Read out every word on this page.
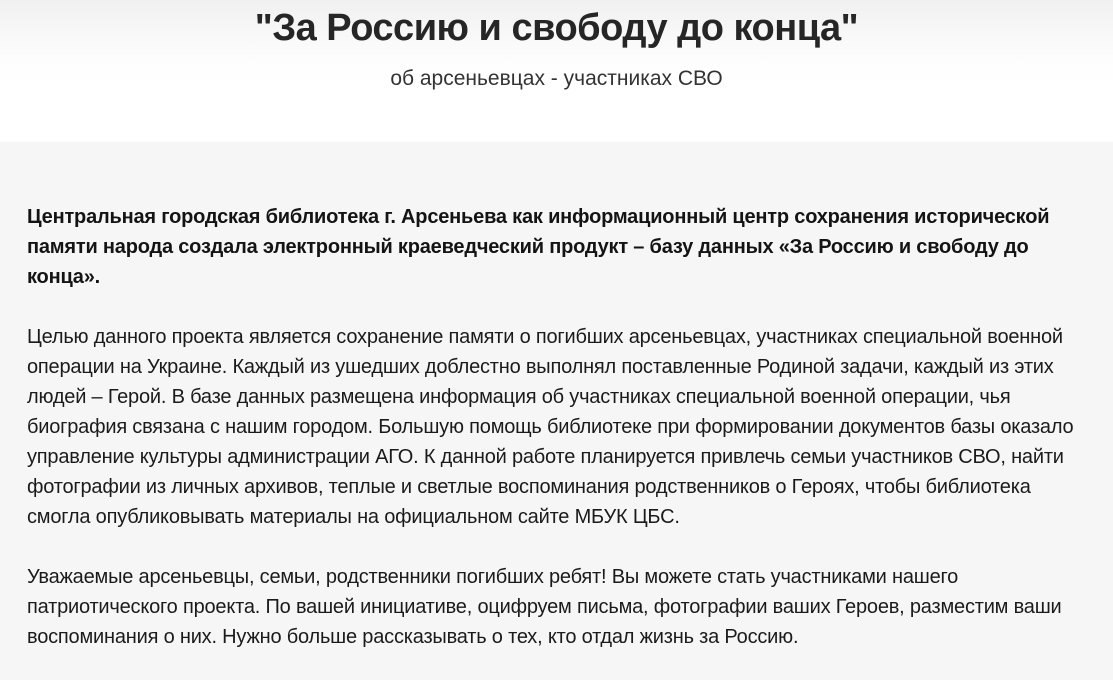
"За Россию и свободу до конца"

об арсеньевцах - участниках СВО

Центральная городская библиотека г. Арсеньева как информационный центр сохранения исторической памяти народа создала электронный краеведческий продукт – базу данных «За Россию и свободу до конца».

Целью данного проекта является сохранение памяти о погибших арсеньевцах, участниках специальной военной операции на Украине. Каждый из ушедших доблестно выполнял поставленные Родиной задачи, каждый из этих людей – Герой. В базе данных размещена информация об участниках специальной военной операции, чья биография связана с нашим городом. Большую помощь библиотеке при формировании документов базы оказало управление культуры администрации АГО. К данной работе планируется привлечь семьи участников СВО, найти фотографии из личных архивов, теплые и светлые воспоминания родственников о Героях, чтобы библиотека смогла опубликовывать материалы на официальном сайте МБУК ЦБС.

Уважаемые арсеньевцы, семьи, родственники погибших ребят! Вы можете стать участниками нашего патриотического проекта. По вашей инициативе, оцифруем письма, фотографии ваших Героев, разместим ваши воспоминания о них. Нужно больше рассказывать о тех, кто отдал жизнь за Россию.
